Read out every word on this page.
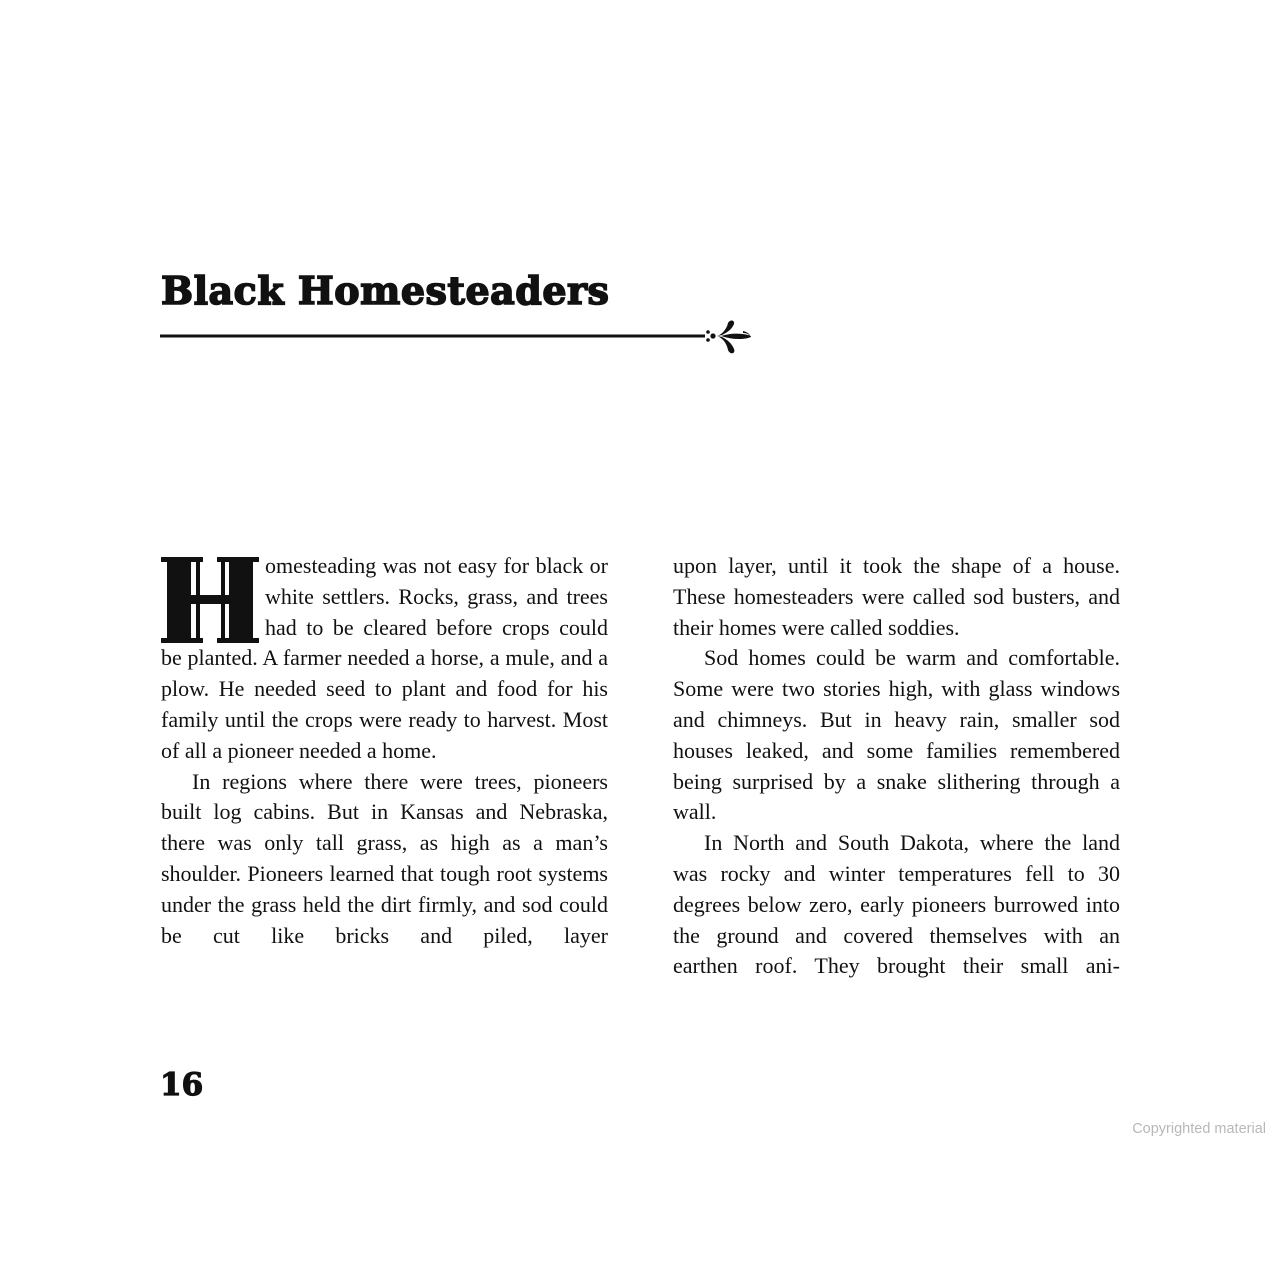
Black Homesteaders
H

omesteading was not easy for black or white settlers. Rocks, grass, and trees had to be cleared before crops could be planted. A farmer needed a horse, a mule, and a plow. He needed seed to plant and food for his family until the crops were ready to harvest. Most of all a pioneer needed a home.

In regions where there were trees, pioneers built log cabins. But in Kansas and Nebraska, there was only tall grass, as high as a man’s shoulder. Pioneers learned that tough root systems under the grass held the dirt firmly, and sod could be cut like bricks and piled, layer

upon layer, until it took the shape of a house. These homesteaders were called sod busters, and their homes were called soddies.

Sod homes could be warm and comfortable. Some were two stories high, with glass windows and chimneys. But in heavy rain, smaller sod houses leaked, and some families remembered being surprised by a snake slithering through a wall.

In North and South Dakota, where the land was rocky and winter temperatures fell to 30 degrees below zero, early pioneers burrowed into the ground and covered themselves with an earthen roof. They brought their small ani-

16
Copyrighted material
